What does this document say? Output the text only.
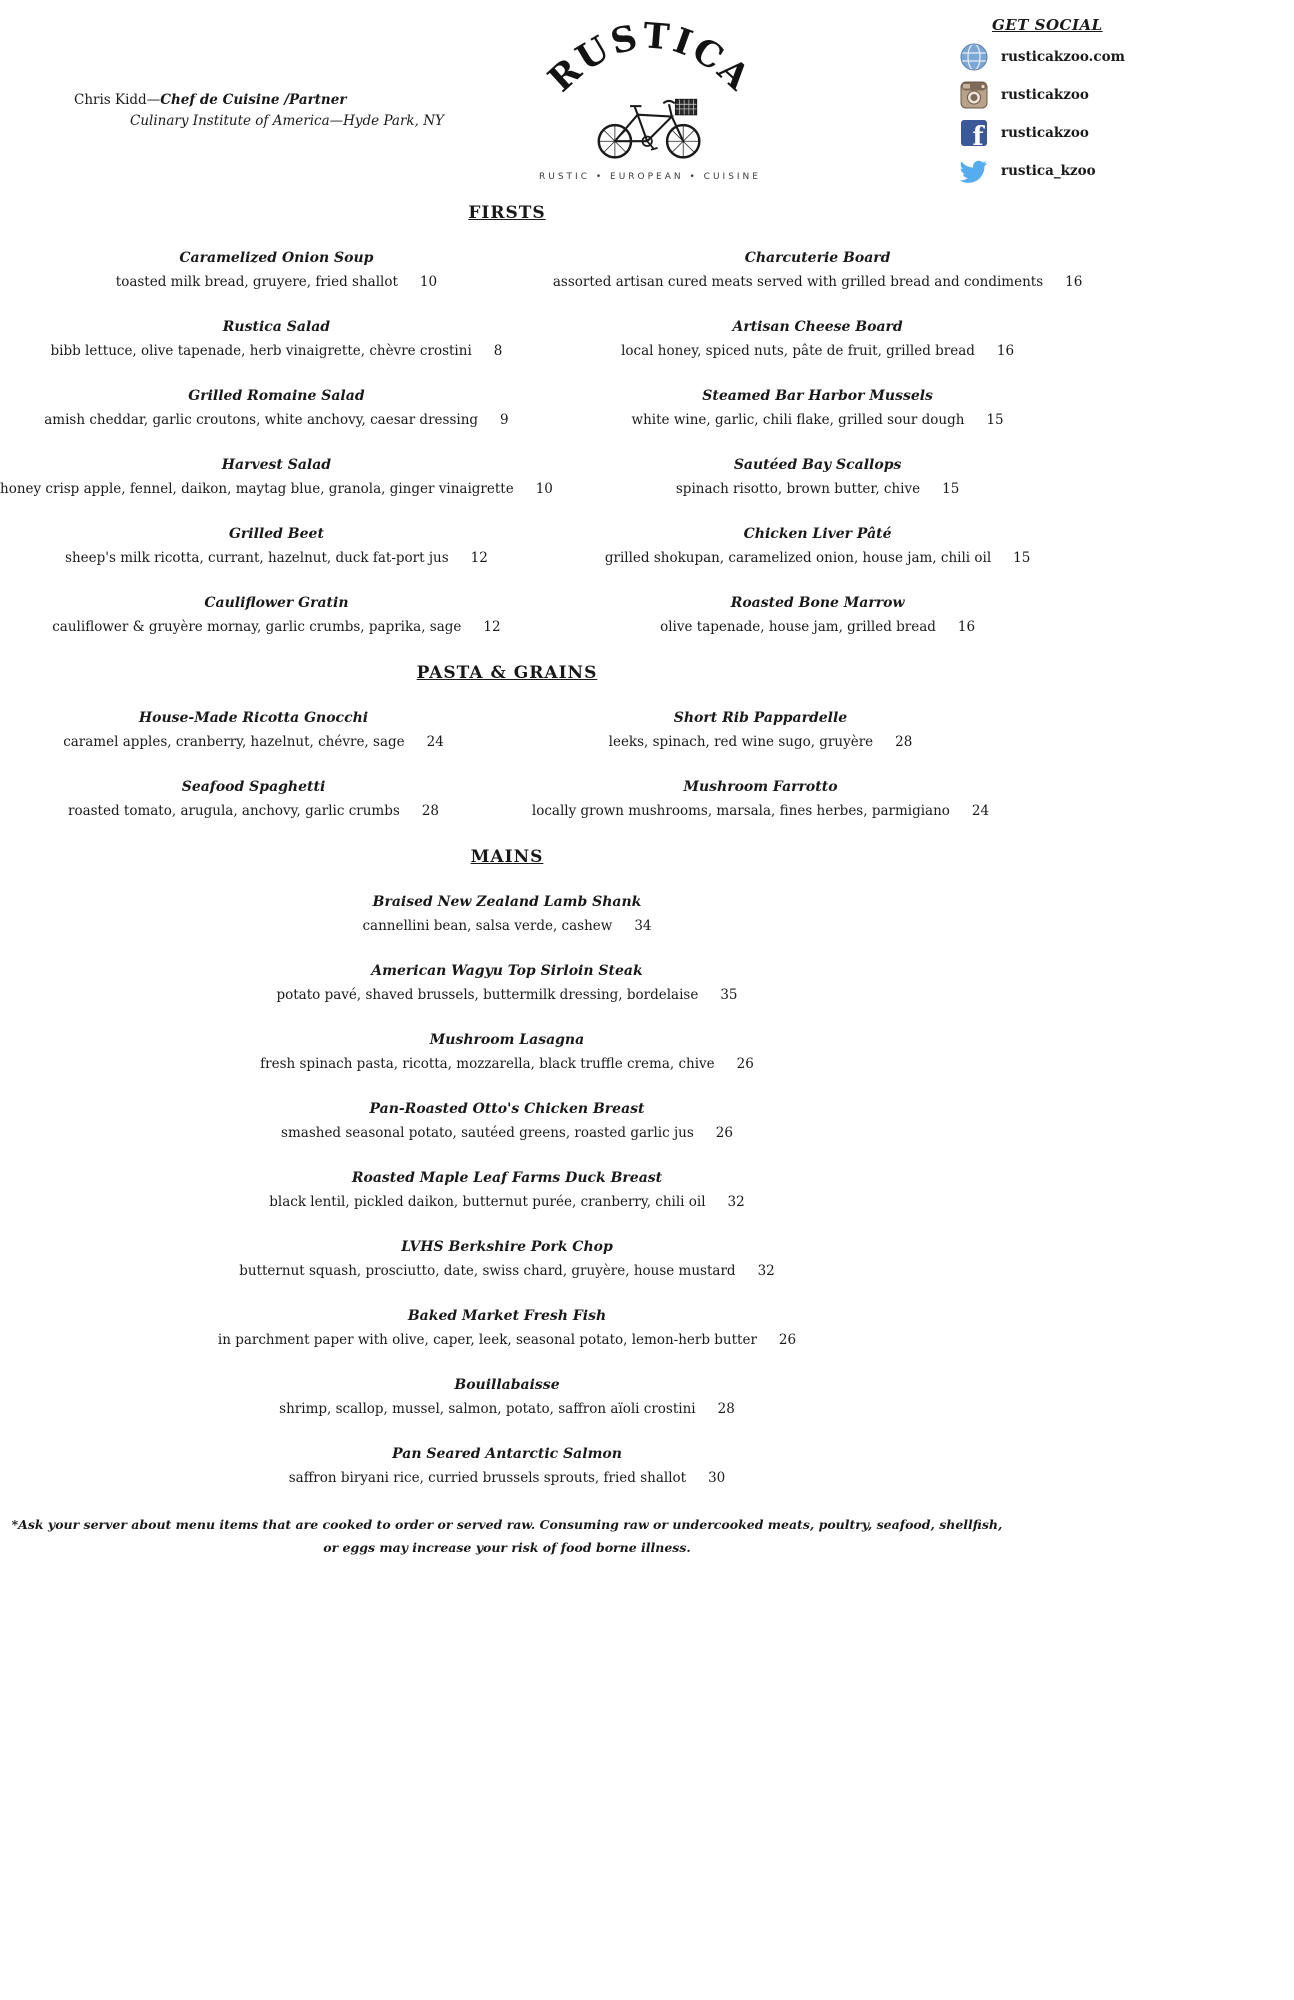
Chris Kidd—Chef de Cuisine /Partner
Culinary Institute of America—Hyde Park, NY
RUSTICA
RUSTIC • EUROPEAN • CUISINE
GET SOCIAL
rusticakzoo.com
rusticakzoo
f rusticakzoo
rustica_kzoo
FIRSTS
Caramelized Onion Soup
toasted milk bread, gruyere, fried shallot 10
Rustica Salad
bibb lettuce, olive tapenade, herb vinaigrette, chèvre crostini 8
Grilled Romaine Salad
amish cheddar, garlic croutons, white anchovy, caesar dressing 9
Harvest Salad
honey crisp apple, fennel, daikon, maytag blue, granola, ginger vinaigrette 10
Grilled Beet
sheep's milk ricotta, currant, hazelnut, duck fat-port jus 12
Cauliflower Gratin
cauliflower & gruyère mornay, garlic crumbs, paprika, sage 12
Charcuterie Board
assorted artisan cured meats served with grilled bread and condiments 16
Artisan Cheese Board
local honey, spiced nuts, pâte de fruit, grilled bread 16
Steamed Bar Harbor Mussels
white wine, garlic, chili flake, grilled sour dough 15
Sautéed Bay Scallops
spinach risotto, brown butter, chive 15
Chicken Liver Pâté
grilled shokupan, caramelized onion, house jam, chili oil 15
Roasted Bone Marrow
olive tapenade, house jam, grilled bread 16
PASTA & GRAINS
House-Made Ricotta Gnocchi
caramel apples, cranberry, hazelnut, chévre, sage 24
Seafood Spaghetti
roasted tomato, arugula, anchovy, garlic crumbs 28
Short Rib Pappardelle
leeks, spinach, red wine sugo, gruyère 28
Mushroom Farrotto
locally grown mushrooms, marsala, fines herbes, parmigiano 24
MAINS
Braised New Zealand Lamb Shank
cannellini bean, salsa verde, cashew 34
American Wagyu Top Sirloin Steak
potato pavé, shaved brussels, buttermilk dressing, bordelaise 35
Mushroom Lasagna
fresh spinach pasta, ricotta, mozzarella, black truffle crema, chive 26
Pan-Roasted Otto's Chicken Breast
smashed seasonal potato, sautéed greens, roasted garlic jus 26
Roasted Maple Leaf Farms Duck Breast
black lentil, pickled daikon, butternut purée, cranberry, chili oil 32
LVHS Berkshire Pork Chop
butternut squash, prosciutto, date, swiss chard, gruyère, house mustard 32
Baked Market Fresh Fish
in parchment paper with olive, caper, leek, seasonal potato, lemon-herb butter 26
Bouillabaisse
shrimp, scallop, mussel, salmon, potato, saffron aïoli crostini 28
Pan Seared Antarctic Salmon
saffron biryani rice, curried brussels sprouts, fried shallot 30
*Ask your server about menu items that are cooked to order or served raw. Consuming raw or undercooked meats, poultry, seafood, shellfish,
or eggs may increase your risk of food borne illness.
